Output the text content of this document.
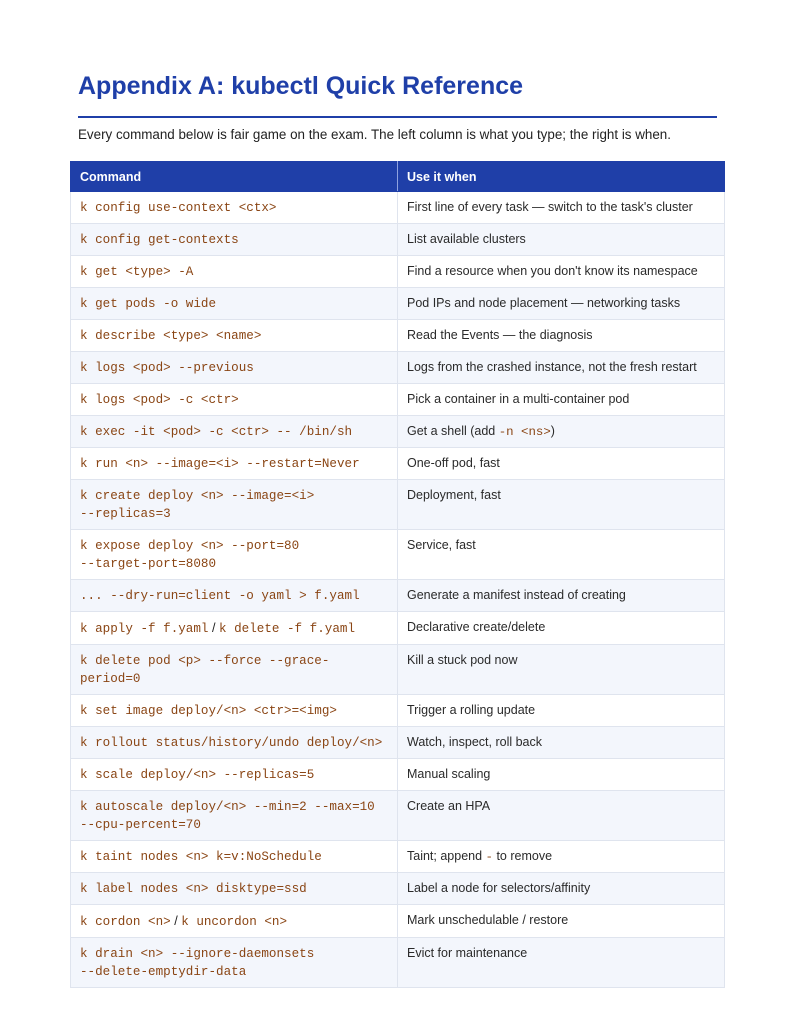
Appendix A: kubectl Quick Reference

Every command below is fair game on the exam. The left column is what you type; the right is when.

Command	Use it when
k config use-context <ctx>	First line of every task — switch to the task's cluster
k config get-contexts	List available clusters
k get <type> -A	Find a resource when you don't know its namespace
k get pods -o wide	Pod IPs and node placement — networking tasks
k describe <type> <name>	Read the Events — the diagnosis
k logs <pod> --previous	Logs from the crashed instance, not the fresh restart
k logs <pod> -c <ctr>	Pick a container in a multi-container pod
k exec -it <pod> -c <ctr> -- /bin/sh	Get a shell (add -n <ns>)
k run <n> --image=<i> --restart=Never	One-off pod, fast
k create deploy <n> --image=<i>
--replicas=3	Deployment, fast
k expose deploy <n> --port=80
--target-port=8080	Service, fast
... --dry-run=client -o yaml > f.yaml	Generate a manifest instead of creating
k apply -f f.yaml / k delete -f f.yaml	Declarative create/delete
k delete pod <p> --force --grace-period=0	Kill a stuck pod now
k set image deploy/<n> <ctr>=<img>	Trigger a rolling update
k rollout status/history/undo deploy/<n>	Watch, inspect, roll back
k scale deploy/<n> --replicas=5	Manual scaling
k autoscale deploy/<n> --min=2 --max=10
--cpu-percent=70	Create an HPA
k taint nodes <n> k=v:NoSchedule	Taint; append - to remove
k label nodes <n> disktype=ssd	Label a node for selectors/affinity
k cordon <n> / k uncordon <n>	Mark unschedulable / restore
k drain <n> --ignore-daemonsets
--delete-emptydir-data	Evict for maintenance
